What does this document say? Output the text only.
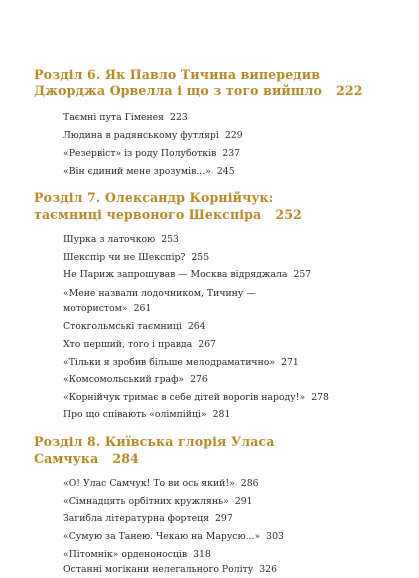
Розділ 6. Як Павло Тичина випередив
Джорджа Орвелла і що з того вийшло 222
Таємні пута Гіменея 223
Людина в радянському футлярі 229
«Резервіст» із роду Полуботків 237
«Він єдиний мене зрозумів...» 245
Розділ 7. Олександр Корнійчук:
таємниці червоного Шекспіра 252
Шурка з латочкою 253
Шекспір чи не Шекспір? 255
Не Париж запрошував — Москва відряджала 257
«Мене назвали лодочником, Тичину —
мотористом» 261
Стокгольмські таємниці 264
Хто перший, того і правда 267
«Тільки я зробив більше мелодраматично» 271
«Комсомольський граф» 276
«Корнійчук тримає в себе дітей ворогів народу!» 278
Про що співають «олімпійці» 281
Розділ 8. Київська глорія Уласа
Самчука 284
«О! Улас Самчук! То ви ось який!» 286
«Сімнадцять орбітних кружлянь» 291
Загибла літературна фортеця 297
«Сумую за Танею. Чекаю на Марусю...» 303
«Пітомнік» орденоносців 318
Останні могікани нелегального Роліту 326
